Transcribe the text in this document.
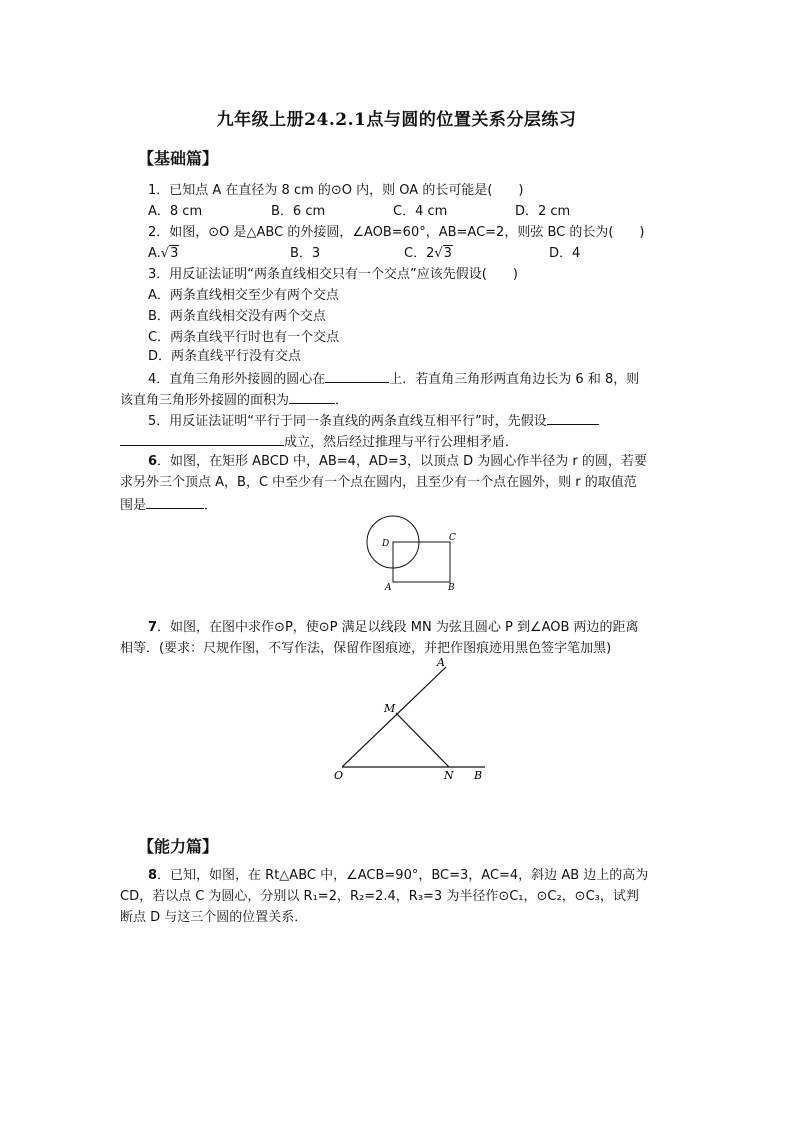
九年级上册24.2.1点与圆的位置关系分层练习
【基础篇】
1．已知点 A 在直径为 8 cm 的⊙O 内，则 OA 的长可能是(　　)
A．8 cm	B．6 cm	C．4 cm	D．2 cm
2．如图，⊙O 是△ABC 的外接圆，∠AOB=60°，AB=AC=2，则弦 BC 的长为(　　)
A.√3	B．3	C．2√3	D．4
3．用反证法证明“两条直线相交只有一个交点”应该先假设(　　)
A．两条直线相交至少有两个交点
B．两条直线相交没有两个交点
C．两条直线平行时也有一个交点
D．两条直线平行没有交点
4．直角三角形外接圆的圆心在	上．若直角三角形两直角边长为 6 和 8，则
该直角三角形外接圆的面积为	．
5．用反证法证明“平行于同一条直线的两条直线互相平行”时，先假设
成立，然后经过推理与平行公理相矛盾．
6．如图，在矩形 ABCD 中，AB=4，AD=3，以顶点 D 为圆心作半径为 r 的圆，若要
求另外三个顶点 A，B，C 中至少有一个点在圆内，且至少有一个点在圆外，则 r 的取值范
围是	．
D
C
A	B
7．如图，在图中求作⊙P，使⊙P 满足以线段 MN 为弦且圆心 P 到∠AOB 两边的距离
相等．(要求：尺规作图，不写作法，保留作图痕迹，并把作图痕迹用黑色签字笔加黑)
A
M
O	N B
【能力篇】
8．已知，如图，在 Rt△ABC 中，∠ACB=90°，BC=3，AC=4，斜边 AB 边上的高为
CD，若以点 C 为圆心，分别以 R₁=2，R₂=2.4，R₃=3 为半径作⊙C₁，⊙C₂，⊙C₃，试判
断点 D 与这三个圆的位置关系．
